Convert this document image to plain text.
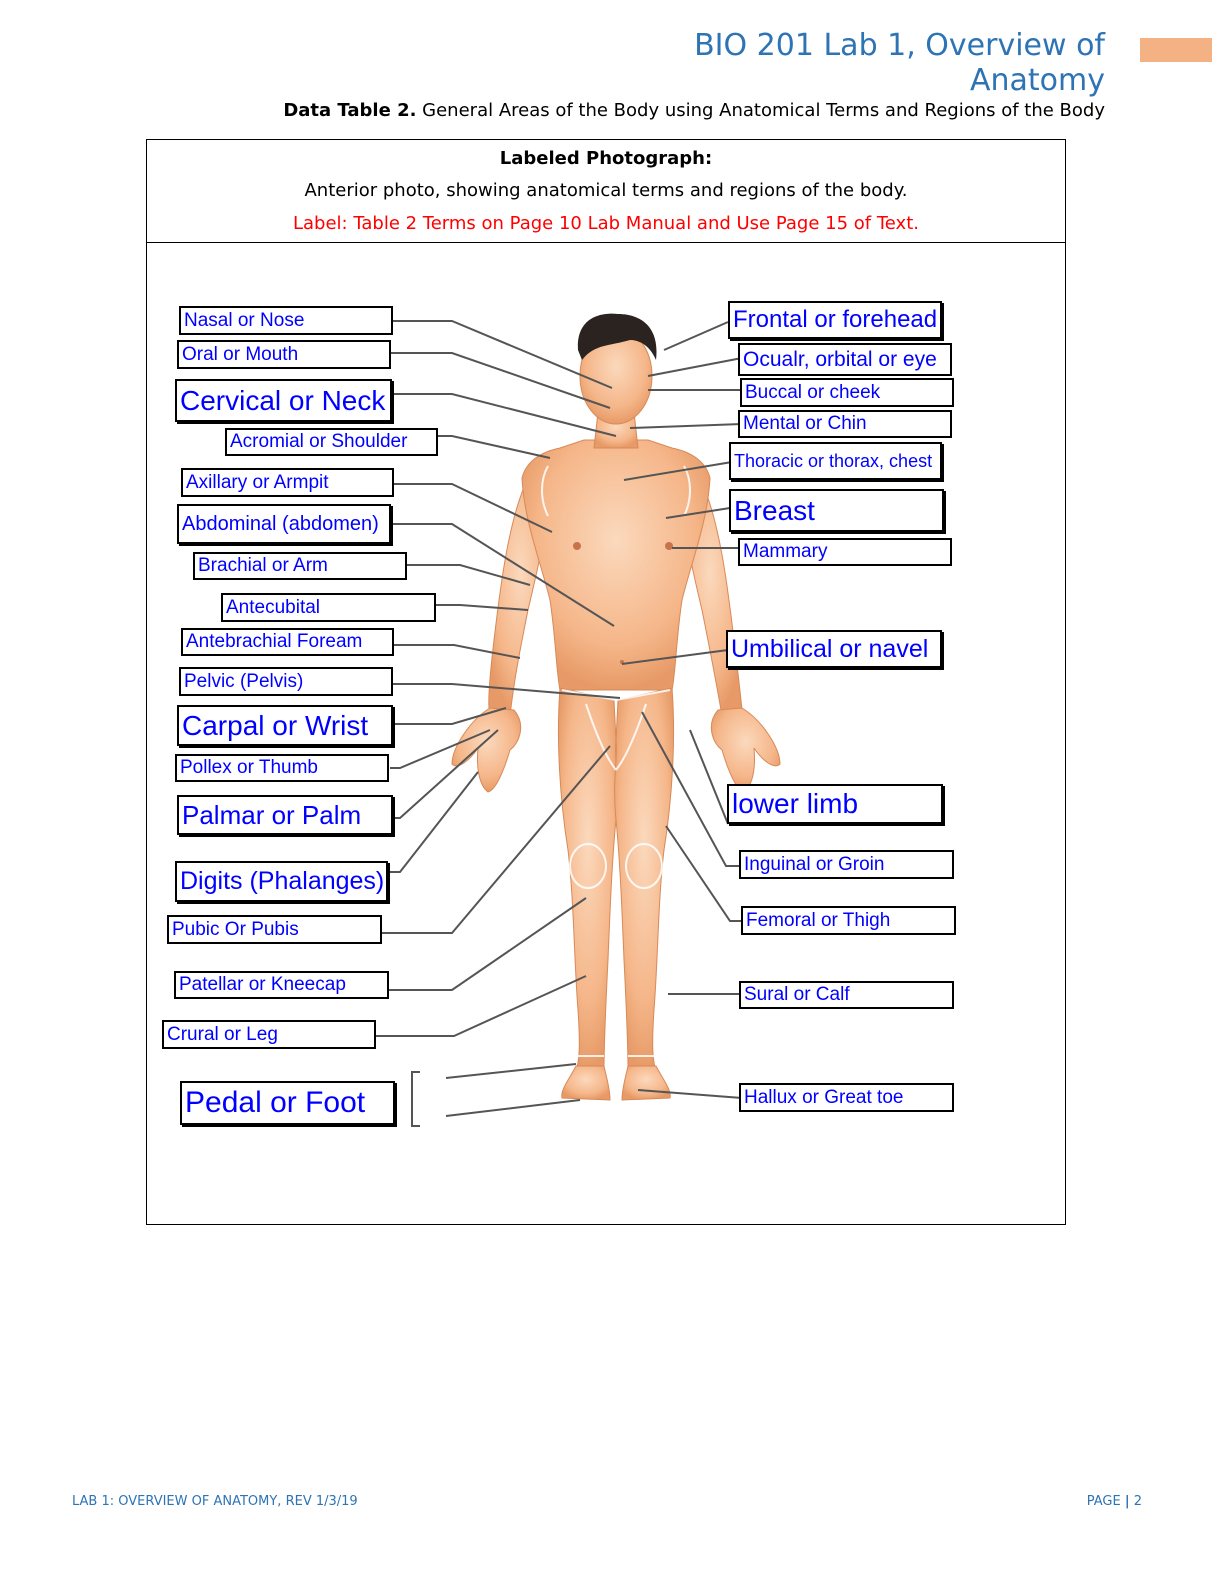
BIO 201 Lab 1, Overview of Anatomy
Data Table 2. General Areas of the Body using Anatomical Terms and Regions of the Body
Labeled Photograph:
Anterior photo, showing anatomical terms and regions of the body.
Label: Table 2 Terms on Page 10 Lab Manual and Use Page 15 of Text.
Nasal or Nose
Oral or Mouth
Cervical or Neck
Acromial or Shoulder
Axillary or Armpit
Abdominal (abdomen)
Brachial or Arm
Antecubital
Antebrachial Foream
Pelvic (Pelvis)
Carpal or Wrist
Pollex or Thumb
Palmar or Palm
Digits (Phalanges)
Pubic Or Pubis
Patellar or Kneecap
Crural or Leg
Pedal or Foot
Frontal or forehead
Ocualr, orbital or eye
Buccal or cheek
Mental or Chin
Thoracic or thorax, chest
Breast
Mammary
Umbilical or navel
lower limb
Inguinal or Groin
Femoral or Thigh
Sural or Calf
Hallux or Great toe
LAB 1: OVERVIEW OF ANATOMY, REV 1/3/19	PAGE | 2
